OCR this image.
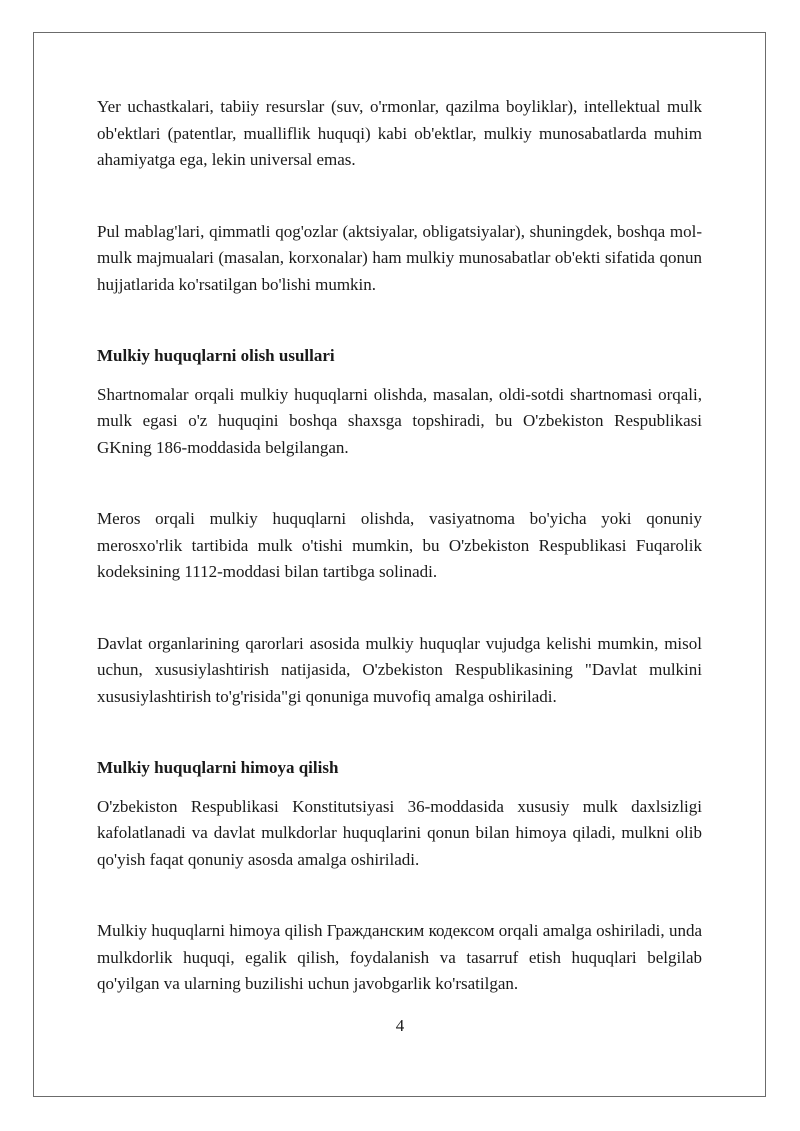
Yer uchastkalari, tabiiy resurslar (suv, o'rmonlar, qazilma boyliklar), intellektual mulk ob'ektlari (patentlar, mualliflik huquqi) kabi ob'ektlar, mulkiy munosabatlarda muhim ahamiyatga ega, lekin universal emas.

Pul mablag'lari, qimmatli qog'ozlar (aktsiyalar, obligatsiyalar), shuningdek, boshqa mol-mulk majmualari (masalan, korxonalar) ham mulkiy munosabatlar ob'ekti sifatida qonun hujjatlarida ko'rsatilgan bo'lishi mumkin.

Mulkiy huquqlarni olish usullari

Shartnomalar orqali mulkiy huquqlarni olishda, masalan, oldi-sotdi shartnomasi orqali, mulk egasi o'z huquqini boshqa shaxsga topshiradi, bu O'zbekiston Respublikasi GKning 186-moddasida belgilangan.

Meros orqali mulkiy huquqlarni olishda, vasiyatnoma bo'yicha yoki qonuniy merosxo'rlik tartibida mulk o'tishi mumkin, bu O'zbekiston Respublikasi Fuqarolik kodeksining 1112-moddasi bilan tartibga solinadi.

Davlat organlarining qarorlari asosida mulkiy huquqlar vujudga kelishi mumkin, misol uchun, xususiylashtirish natijasida, O'zbekiston Respublikasining "Davlat mulkini xususiylashtirish to'g'risida"gi qonuniga muvofiq amalga oshiriladi.

Mulkiy huquqlarni himoya qilish

O'zbekiston Respublikasi Konstitutsiyasi 36-moddasida xususiy mulk daxlsizligi kafolatlanadi va davlat mulkdorlar huquqlarini qonun bilan himoya qiladi, mulkni olib qo'yish faqat qonuniy asosda amalga oshiriladi.

Mulkiy huquqlarni himoya qilish Гражданским кодексом orqali amalga oshiriladi, unda mulkdorlik huquqi, egalik qilish, foydalanish va tasarruf etish huquqlari belgilab qo'yilgan va ularning buzilishi uchun javobgarlik ko'rsatilgan.

4
